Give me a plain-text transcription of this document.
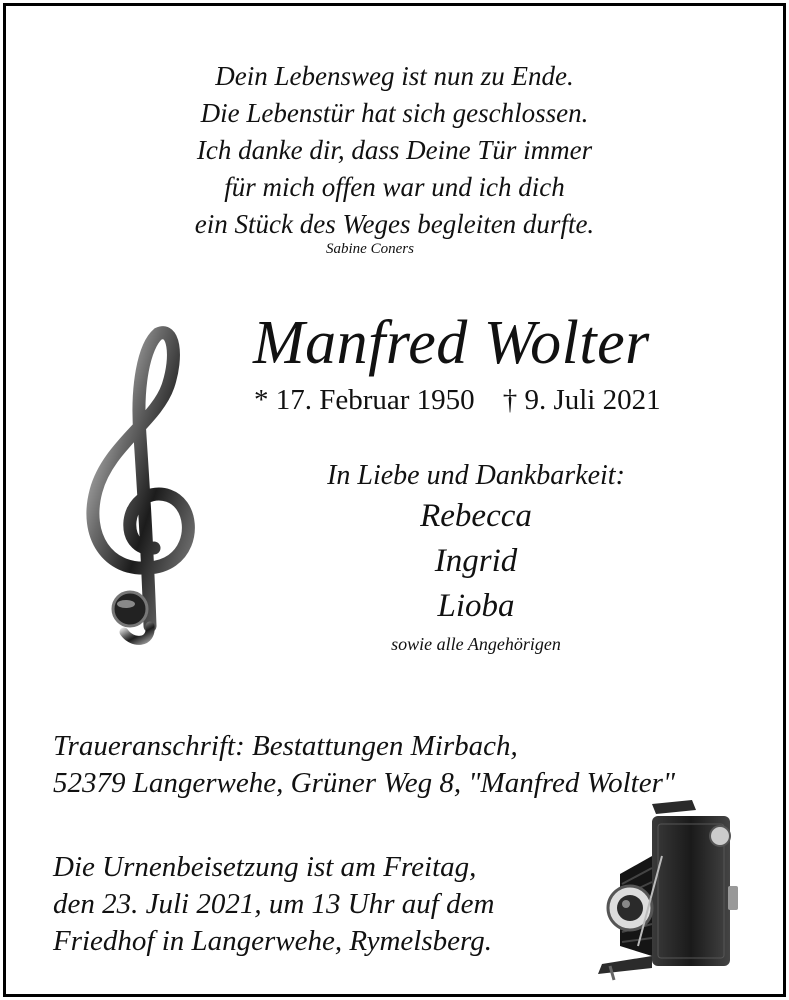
Dein Lebensweg ist nun zu Ende.
Die Lebenstür hat sich geschlossen.
Ich danke dir, dass Deine Tür immer
für mich offen war und ich dich
ein Stück des Weges begleiten durfte.
Sabine Coners
Manfred Wolter
* 17. Februar 1950 † 9. Juli 2021
In Liebe und Dankbarkeit:
Rebecca
Ingrid
Lioba
sowie alle Angehörigen
Traueranschrift: Bestattungen Mirbach,
52379 Langerwehe, Grüner Weg 8, "Manfred Wolter"
Die Urnenbeisetzung ist am Freitag,
den 23. Juli 2021, um 13 Uhr auf dem
Friedhof in Langerwehe, Rymelsberg.
